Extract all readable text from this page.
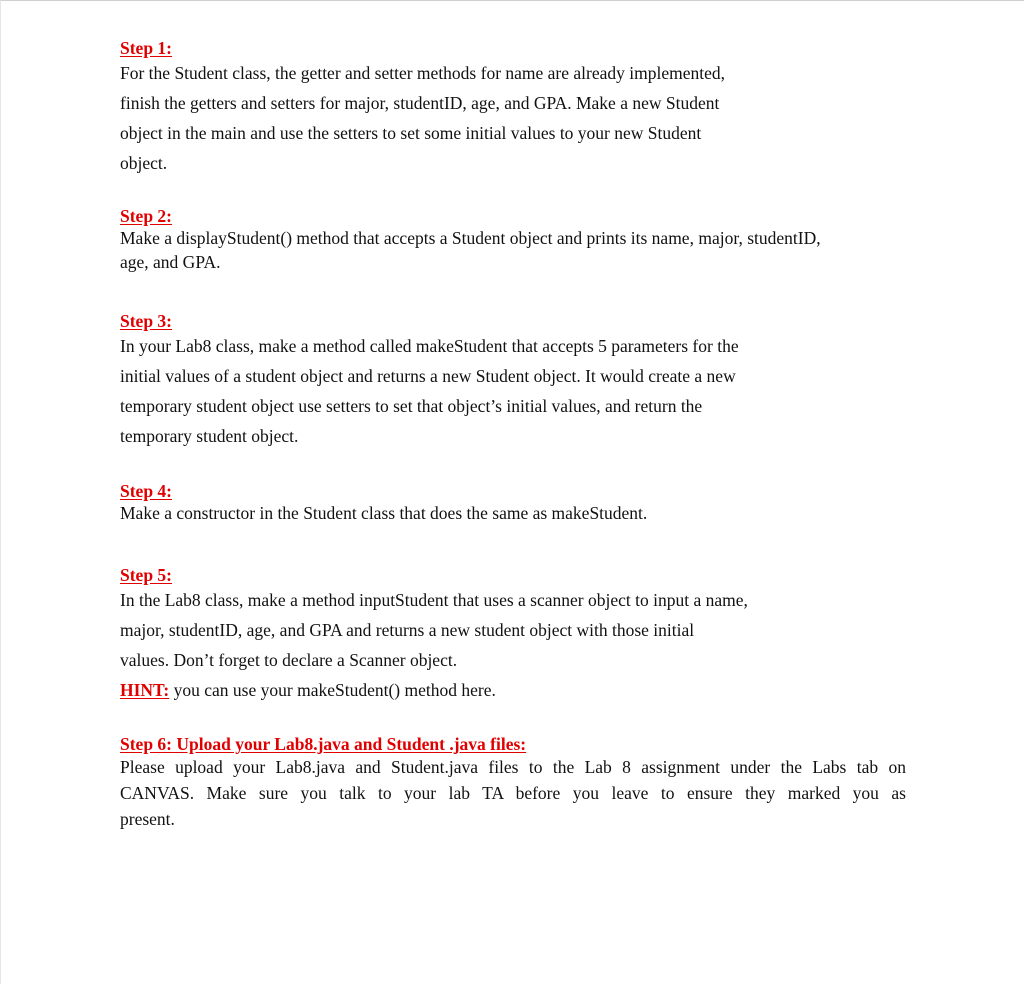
Step 1:
For the Student class, the getter and setter methods for name are already implemented,
finish the getters and setters for major, studentID, age, and GPA. Make a new Student
object in the main and use the setters to set some initial values to your new Student
object.
Step 2:
Make a displayStudent() method that accepts a Student object and prints its name, major, studentID,
age, and GPA.
Step 3:
In your Lab8 class, make a method called makeStudent that accepts 5 parameters for the
initial values of a student object and returns a new Student object. It would create a new
temporary student object use setters to set that object’s initial values, and return the
temporary student object.
Step 4:
Make a constructor in the Student class that does the same as makeStudent.
Step 5:
In the Lab8 class, make a method inputStudent that uses a scanner object to input a name,
major, studentID, age, and GPA and returns a new student object with those initial
values. Don’t forget to declare a Scanner object.
HINT: you can use your makeStudent() method here.
Step 6: Upload your Lab8.java and Student .java files:
Please upload your Lab8.java and Student.java files to the Lab 8 assignment under the Labs tab on
CANVAS. Make sure you talk to your lab TA before you leave to ensure they marked you as
present.
